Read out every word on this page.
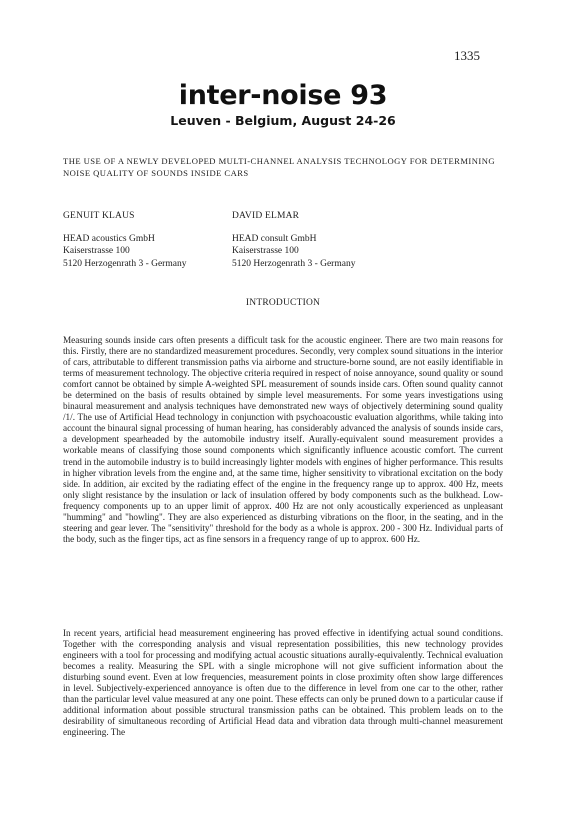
1335
inter-noise 93
Leuven - Belgium, August 24-26
THE USE OF A NEWLY DEVELOPED MULTI-CHANNEL ANALYSIS TECHNOLOGY FOR DETERMINING NOISE QUALITY OF SOUNDS INSIDE CARS
GENUIT KLAUS
HEAD acoustics GmbH
Kaiserstrasse 100
5120 Herzogenrath 3 - Germany
DAVID ELMAR
HEAD consult GmbH
Kaiserstrasse 100
5120 Herzogenrath 3 - Germany
INTRODUCTION

Measuring sounds inside cars often presents a difficult task for the acoustic engineer. There are two main reasons for this. Firstly, there are no standardized measurement procedures. Secondly, very complex sound situations in the interior of cars, attributable to different transmission paths via airborne and structure-borne sound, are not easily identifiable in terms of measurement technology. The objective criteria required in respect of noise annoyance, sound quality or sound comfort cannot be obtained by simple A-weighted SPL measurement of sounds inside cars. Often sound quality cannot be determined on the basis of results obtained by simple level measurements. For some years investigations using binaural measurement and analysis techniques have demonstrated new ways of objectively determining sound quality /1/. The use of Artificial Head technology in conjunction with psychoacoustic evaluation algorithms, while taking into account the binaural signal processing of human hearing, has considerably advanced the analysis of sounds inside cars, a development spearheaded by the automobile industry itself. Aurally-equivalent sound measurement provides a workable means of classifying those sound components which significantly influence acoustic comfort. The current trend in the automobile industry is to build increasingly lighter models with engines of higher performance. This results in higher vibration levels from the engine and, at the same time, higher sensitivity to vibrational excitation on the body side. In addition, air excited by the radiating effect of the engine in the frequency range up to approx. 400 Hz, meets only slight resistance by the insulation or lack of insulation offered by body components such as the bulkhead. Low-frequency components up to an upper limit of approx. 400 Hz are not only acoustically experienced as unpleasant "humming" and "howling". They are also experienced as disturbing vibrations on the floor, in the seating, and in the steering and gear lever. The "sensitivity" threshold for the body as a whole is approx. 200 - 300 Hz. Individual parts of the body, such as the finger tips, act as fine sensors in a frequency range of up to approx. 600 Hz.

In recent years, artificial head measurement engineering has proved effective in identifying actual sound conditions. Together with the corresponding analysis and visual representation possibilities, this new technology provides engineers with a tool for processing and modifying actual acoustic situations aurally-equivalently. Technical evaluation becomes a reality. Measuring the SPL with a single microphone will not give sufficient information about the disturbing sound event. Even at low frequencies, measurement points in close proximity often show large differences in level. Subjectively-experienced annoyance is often due to the difference in level from one car to the other, rather than the particular level value measured at any one point. These effects can only be pruned down to a particular cause if additional information about possible structural transmission paths can be obtained. This problem leads on to the desirability of simultaneous recording of Artificial Head data and vibration data through multi-channel measurement engineering. The
